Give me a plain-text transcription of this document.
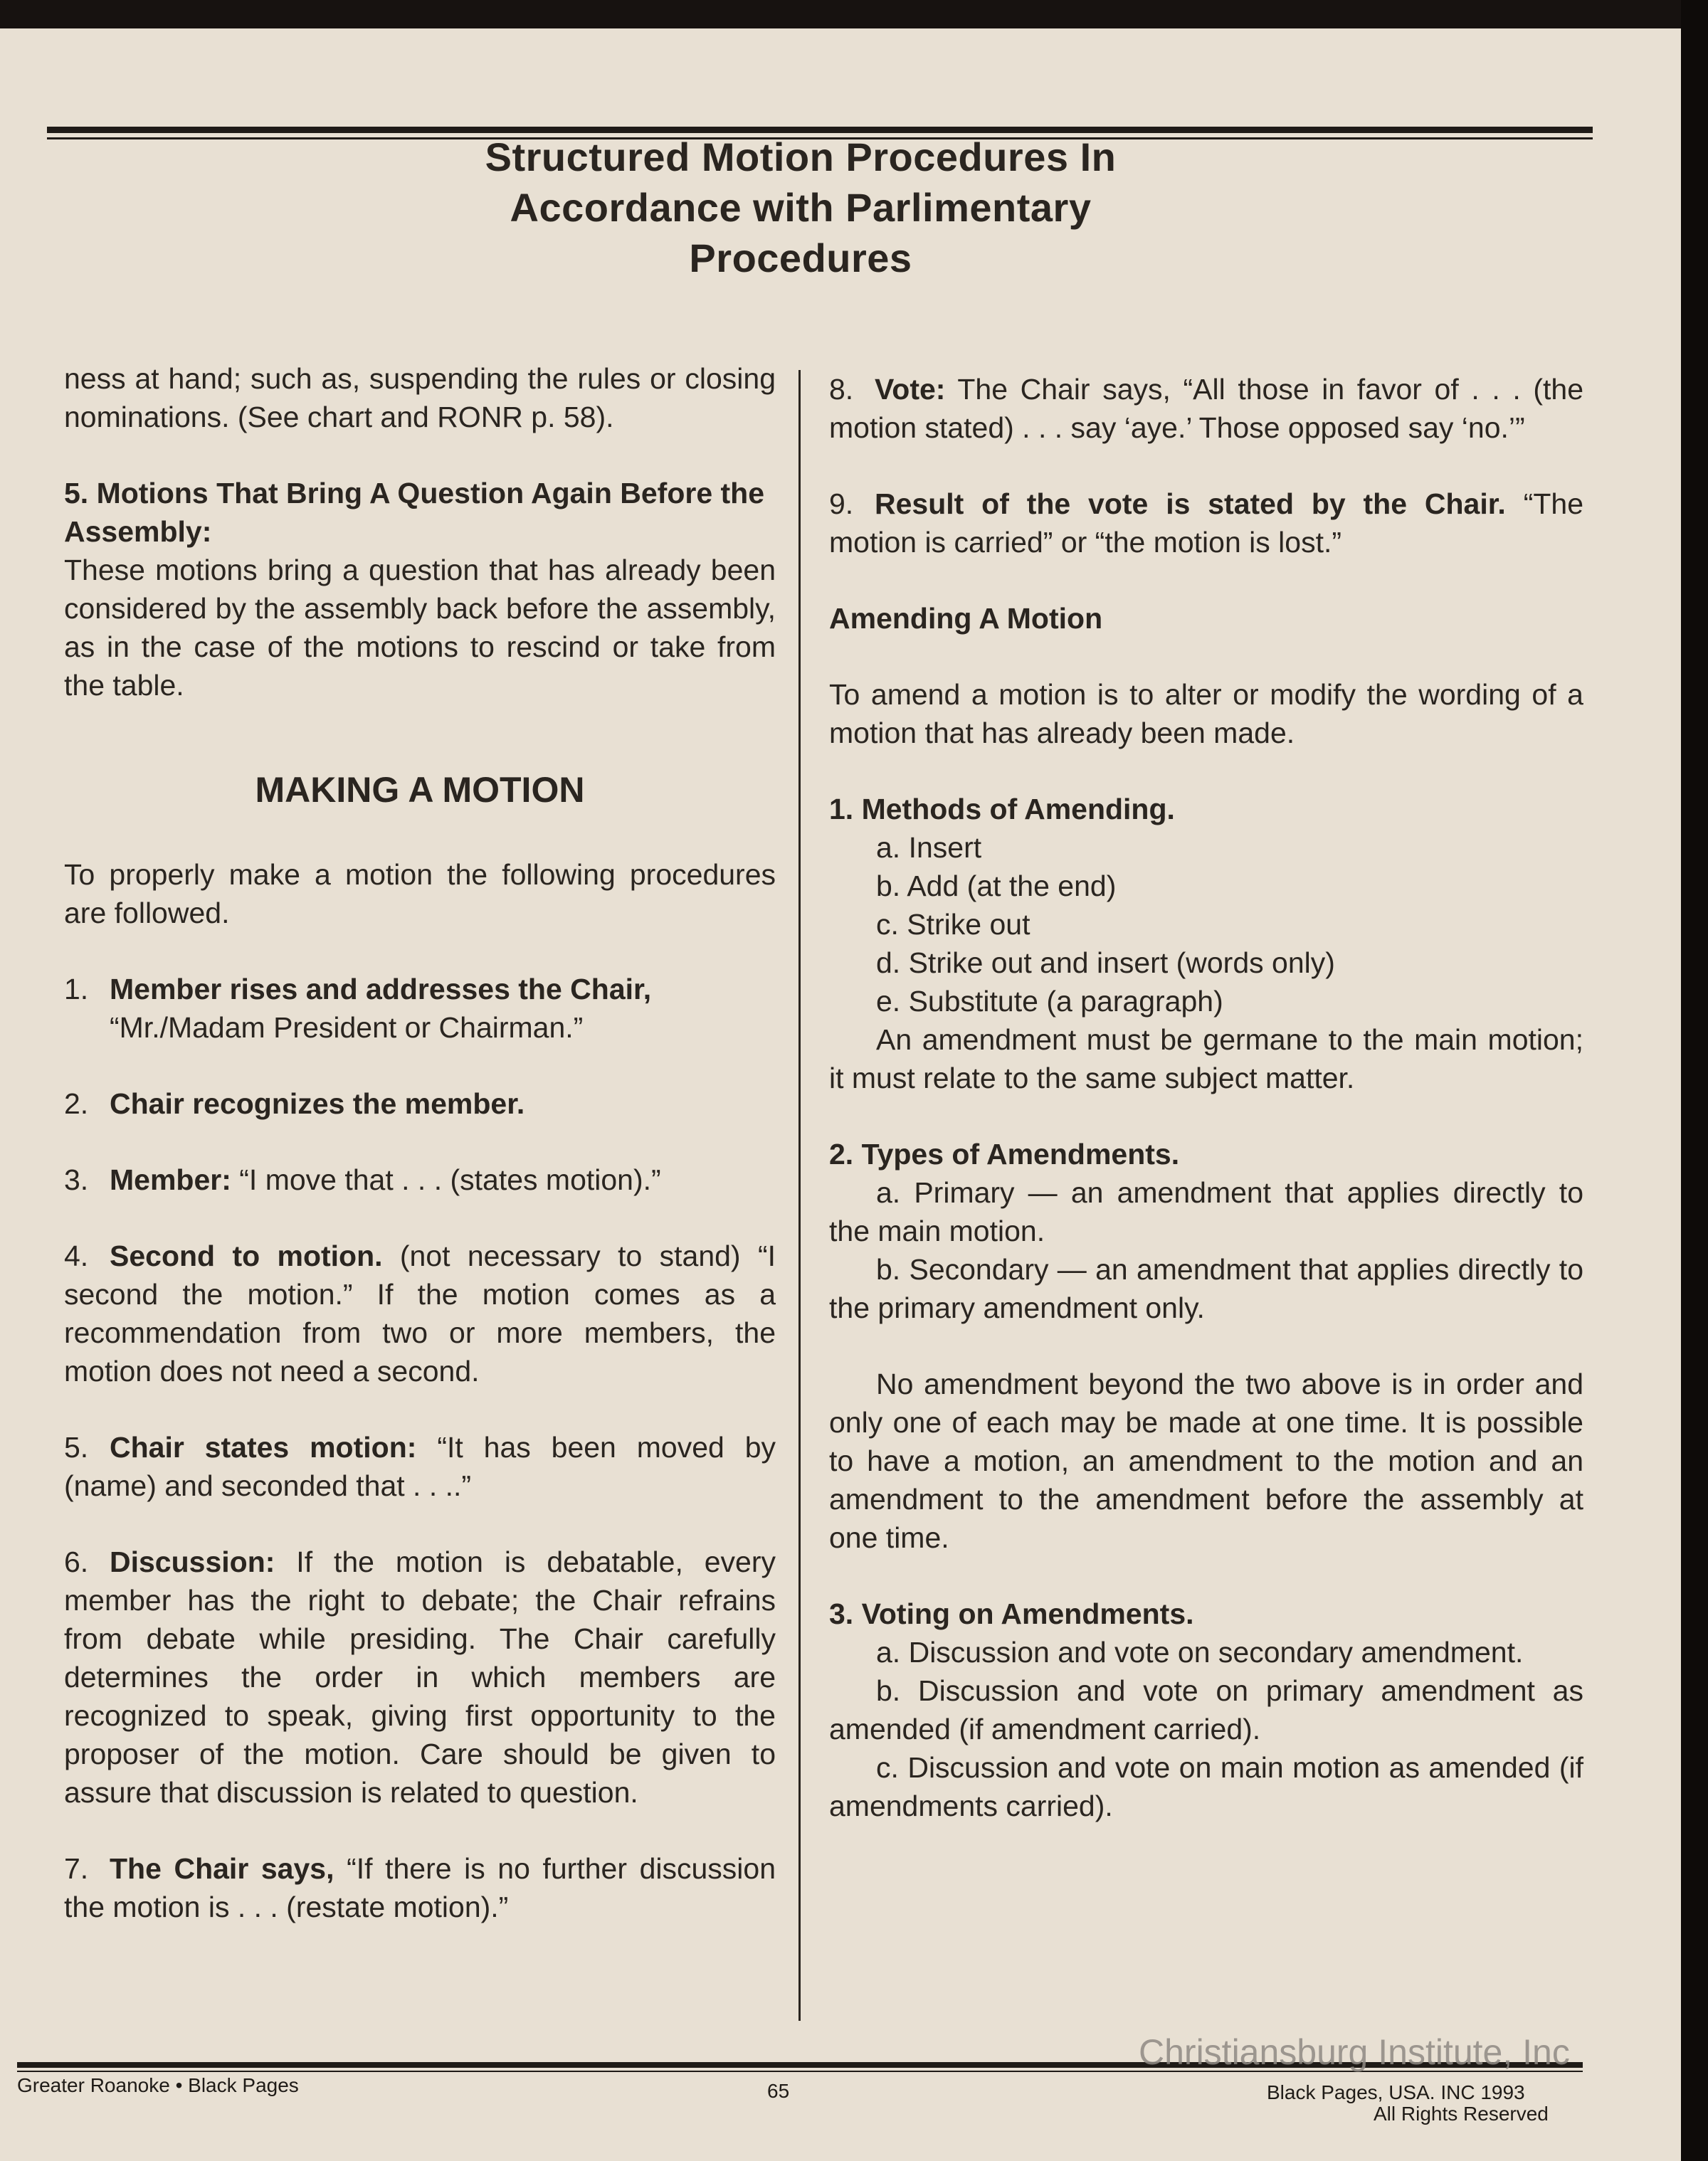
Structured Motion Procedures In
Accordance with Parlimentary
Procedures

ness at hand; such as, suspending the rules or closing nominations. (See chart and RONR p. 58).

5. Motions That Bring A Question Again Before the Assembly:
These motions bring a question that has already been considered by the assembly back before the assembly, as in the case of the motions to rescind or take from the table.
MAKING A MOTION

To properly make a motion the following procedures are followed.

1. Member rises and addresses the Chair,
“Mr./Madam President or Chairman.”
2. Chair recognizes the member.
3. Member: “I move that . . . (states motion).”
4. Second to motion. (not necessary to stand) “I second the motion.” If the motion comes as a recommendation from two or more members, the motion does not need a second.
5. Chair states motion: “It has been moved by (name) and seconded that . . ..”
6. Discussion: If the motion is debatable, every member has the right to debate; the Chair refrains from debate while presiding. The Chair carefully determines the order in which members are recognized to speak, giving first opportunity to the proposer of the motion. Care should be given to assure that discussion is related to question.
7. The Chair says, “If there is no further discussion the motion is . . . (restate motion).”
8. Vote: The Chair says, “All those in favor of . . . (the motion stated) . . . say ‘aye.’ Those opposed say ‘no.’”
9. Result of the vote is stated by the Chair. “The motion is carried” or “the motion is lost.”
Amending A Motion

To amend a motion is to alter or modify the wording of a motion that has already been made.

1. Methods of Amending.
a. Insert
b. Add (at the end)
c. Strike out
d. Strike out and insert (words only)
e. Substitute (a paragraph)
An amendment must be germane to the main motion; it must relate to the same subject matter.
2. Types of Amendments.
a. Primary — an amendment that applies directly to the main motion.
b. Secondary — an amendment that applies directly to the primary amendment only.

No amendment beyond the two above is in order and only one of each may be made at one time. It is possible to have a motion, an amendment to the motion and an amendment to the amendment before the assembly at one time.

3. Voting on Amendments.
a. Discussion and vote on secondary amendment.
b. Discussion and vote on primary amendment as amended (if amendment carried).
c. Discussion and vote on main motion as amended (if amendments carried).
Greater Roanoke • Black Pages	65	Black Pages, USA. INC 1993
All Rights Reserved
Christiansburg Institute, Inc
